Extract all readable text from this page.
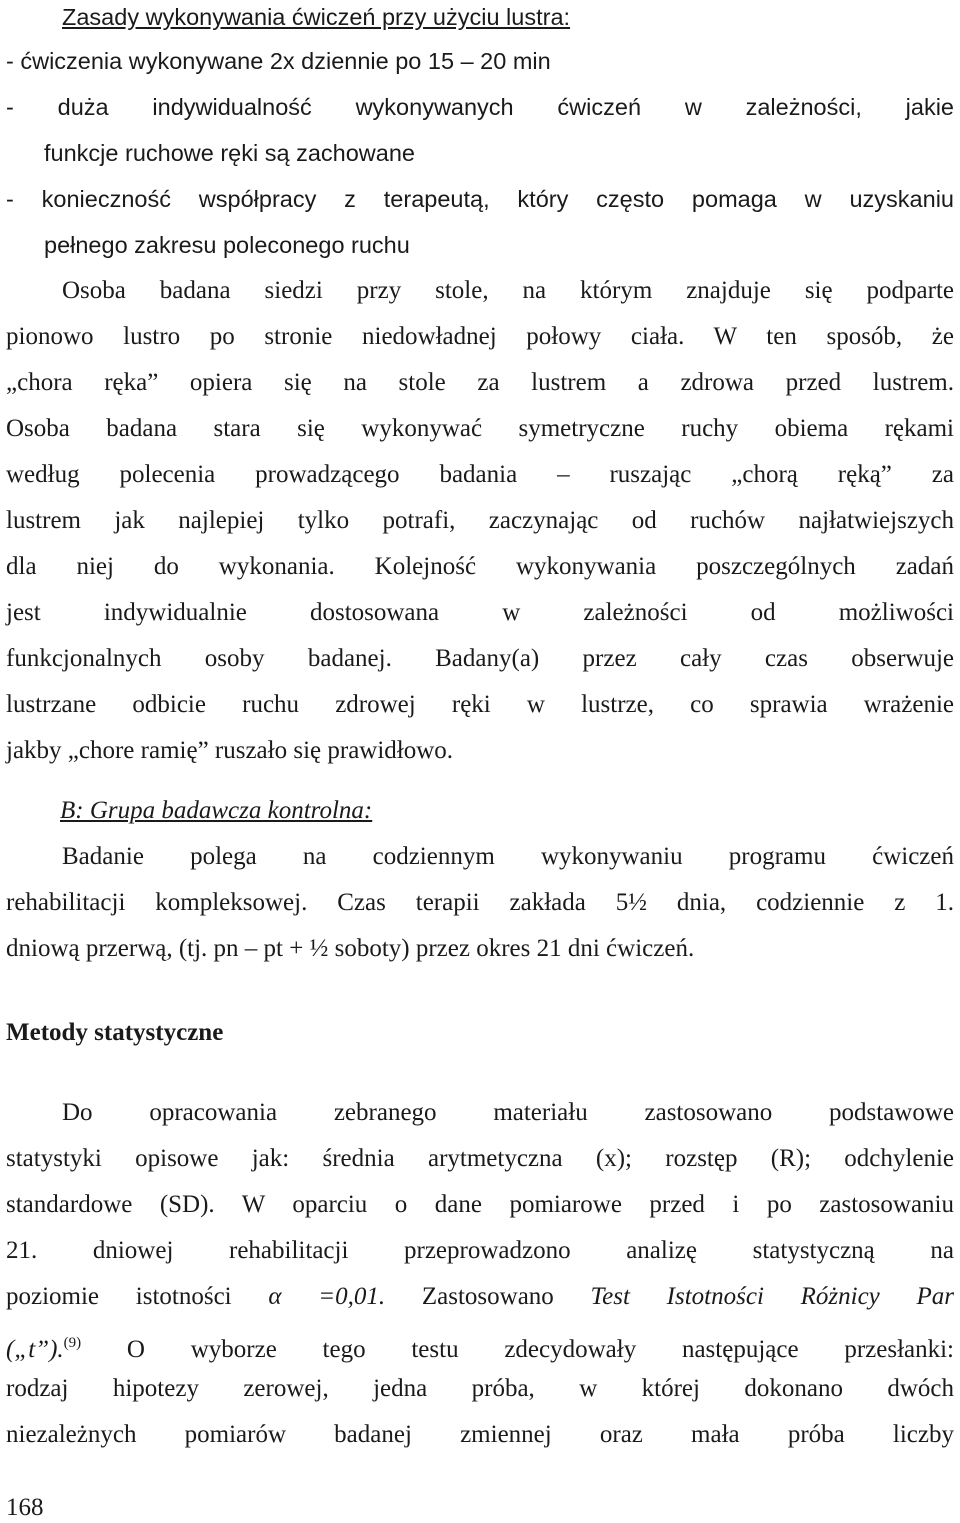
Zasady wykonywania ćwiczeń przy użyciu lustra:

- ćwiczenia wykonywane 2x dziennie po 15 – 20 min

- duża indywidualność wykonywanych ćwiczeń w zależności, jakie

funkcje ruchowe ręki są zachowane

- konieczność współpracy z terapeutą, który często pomaga w uzyskaniu

pełnego zakresu poleconego ruchu

Osoba badana siedzi przy stole, na którym znajduje się podparte

pionowo lustro po stronie niedowładnej połowy ciała. W ten sposób, że

„chora ręka” opiera się na stole za lustrem a zdrowa przed lustrem.

Osoba badana stara się wykonywać symetryczne ruchy obiema rękami

według polecenia prowadzącego badania – ruszając „chorą ręką” za

lustrem jak najlepiej tylko potrafi, zaczynając od ruchów najłatwiejszych

dla niej do wykonania. Kolejność wykonywania poszczególnych zadań

jest indywidualnie dostosowana w zależności od możliwości

funkcjonalnych osoby badanej. Badany(a) przez cały czas obserwuje

lustrzane odbicie ruchu zdrowej ręki w lustrze, co sprawia wrażenie

jakby „chore ramię” ruszało się prawidłowo.

B: Grupa badawcza kontrolna:

Badanie polega na codziennym wykonywaniu programu ćwiczeń

rehabilitacji kompleksowej. Czas terapii zakłada 5½ dnia, codziennie z 1.

dniową przerwą, (tj. pn – pt + ½ soboty) przez okres 21 dni ćwiczeń.

Metody statystyczne

Do opracowania zebranego materiału zastosowano podstawowe

statystyki opisowe jak: średnia arytmetyczna (x); rozstęp (R); odchylenie

standardowe (SD). W oparciu o dane pomiarowe przed i po zastosowaniu

21. dniowej rehabilitacji przeprowadzono analizę statystyczną na

poziomie istotności α =0,01. Zastosowano Test Istotności Różnicy Par

(„t”).$^{(9)}$ O wyborze tego testu zdecydowały następujące przesłanki:

rodzaj hipotezy zerowej, jedna próba, w której dokonano dwóch

niezależnych pomiarów badanej zmiennej oraz mała próba liczby

168
